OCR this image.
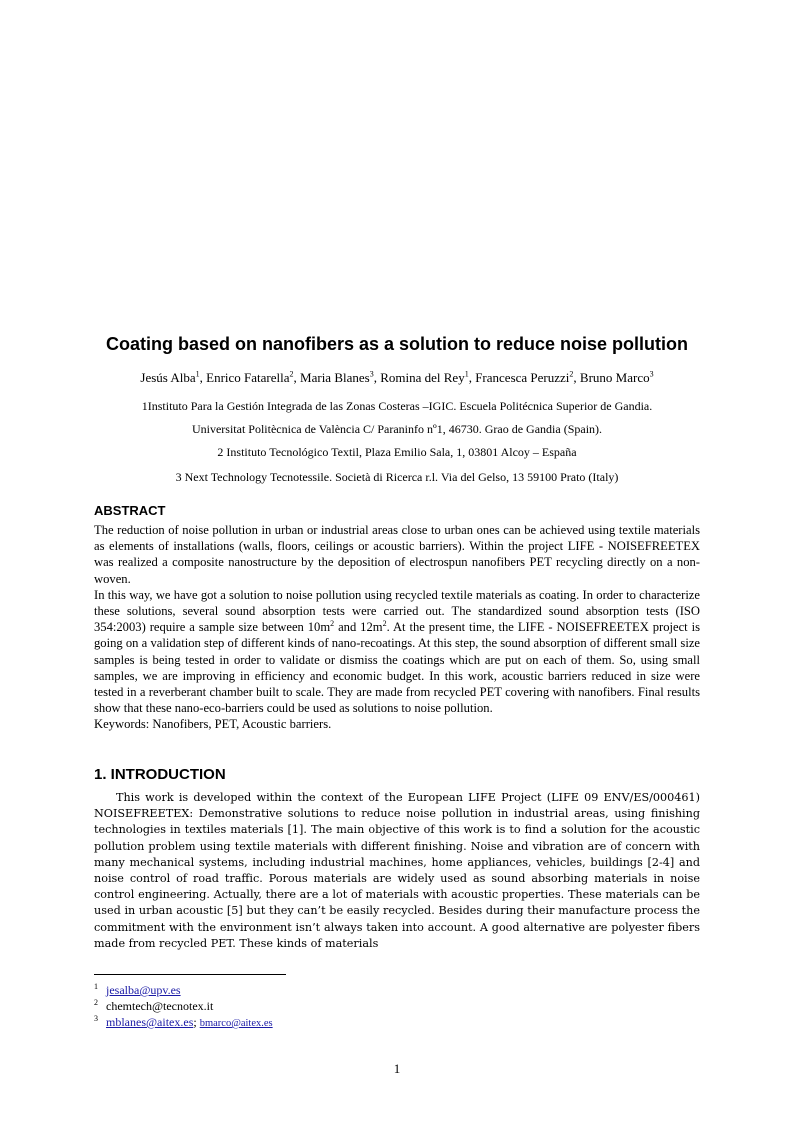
Coating based on nanofibers as a solution to reduce noise pollution
Jesús Alba$^1$, Enrico Fatarella$^2$, Maria Blanes$^3$, Romina del Rey$^1$, Francesca Peruzzi$^2$, Bruno Marco$^3$
1Instituto Para la Gestión Integrada de las Zonas Costeras –IGIC. Escuela Politécnica Superior de Gandia.
Universitat Politècnica de València C/ Paraninfo nº1, 46730. Grao de Gandia (Spain).
2 Instituto Tecnológico Textil, Plaza Emilio Sala, 1, 03801 Alcoy – España
3 Next Technology Tecnotessile. Società di Ricerca r.l. Via del Gelso, 13 59100 Prato (Italy)
ABSTRACT

The reduction of noise pollution in urban or industrial areas close to urban ones can be achieved using textile materials as elements of installations (walls, floors, ceilings or acoustic barriers). Within the project LIFE - NOISEFREETEX was realized a composite nanostructure by the deposition of electrospun nanofibers PET recycling directly on a non-woven.

In this way, we have got a solution to noise pollution using recycled textile materials as coating. In order to characterize these solutions, several sound absorption tests were carried out. The standardized sound absorption tests (ISO 354:2003) require a sample size between $10m^2$ and $12m^2$. At the present time, the LIFE - NOISEFREETEX project is going on a validation step of different kinds of nano-recoatings. At this step, the sound absorption of different small size samples is being tested in order to validate or dismiss the coatings which are put on each of them. So, using small samples, we are improving in efficiency and economic budget. In this work, acoustic barriers reduced in size were tested in a reverberant chamber built to scale. They are made from recycled PET covering with nanofibers. Final results show that these nano-eco-barriers could be used as solutions to noise pollution.

Keywords: Nanofibers, PET, Acoustic barriers.

1. INTRODUCTION

This work is developed within the context of the European LIFE Project (LIFE 09 ENV/ES/000461) NOISEFREETEX: Demonstrative solutions to reduce noise pollution in industrial areas, using finishing technologies in textiles materials [1]. The main objective of this work is to find a solution for the acoustic pollution problem using textile materials with different finishing. Noise and vibration are of concern with many mechanical systems, including industrial machines, home appliances, vehicles, buildings [2-4] and noise control of road traffic. Porous materials are widely used as sound absorbing materials in noise control engineering. Actually, there are a lot of materials with acoustic properties. These materials can be used in urban acoustic [5] but they can’t be easily recycled. Besides during their manufacture process the commitment with the environment isn’t always taken into account. A good alternative are polyester fibers made from recycled PET. These kinds of materials

1 jesalba@upv.es
2 chemtech@tecnotex.it
3 mblanes@aitex.es; bmarco@aitex.es
1
